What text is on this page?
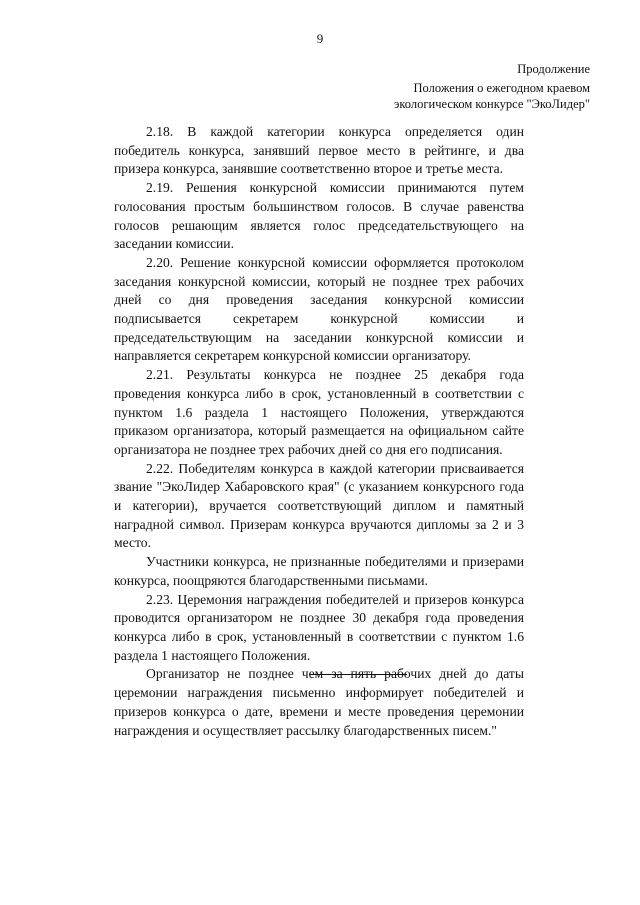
9
Продолжение
Положения о ежегодном краевом
экологическом конкурсе "ЭкоЛидер"

2.18. В каждой категории конкурса определяется один победитель конкурса, занявший первое место в рейтинге, и два призера конкурса, занявшие соответственно второе и третье места.

2.19. Решения конкурсной комиссии принимаются путем голосования простым большинством голосов. В случае равенства голосов решающим является голос председательствующего на заседании комиссии.

2.20. Решение конкурсной комиссии оформляется протоколом заседания конкурсной комиссии, который не позднее трех рабочих дней со дня проведения заседания конкурсной комиссии подписывается секретарем конкурсной комиссии и председательствующим на заседании конкурсной комиссии и направляется секретарем конкурсной комиссии организатору.

2.21. Результаты конкурса не позднее 25 декабря года проведения конкурса либо в срок, установленный в соответствии с пунктом 1.6 раздела 1 настоящего Положения, утверждаются приказом организатора, который размещается на официальном сайте организатора не позднее трех рабочих дней со дня его подписания.

2.22. Победителям конкурса в каждой категории присваивается звание "ЭкоЛидер Хабаровского края" (с указанием конкурсного года и категории), вручается соответствующий диплом и памятный наградной символ. Призерам конкурса вручаются дипломы за 2 и 3 место.

Участники конкурса, не признанные победителями и призерами конкурса, поощряются благодарственными письмами.

2.23. Церемония награждения победителей и призеров конкурса проводится организатором не позднее 30 декабря года проведения конкурса либо в срок, установленный в соответствии с пунктом 1.6 раздела 1 настоящего Положения.

Организатор не позднее чем за пять рабочих дней до даты церемонии награждения письменно информирует победителей и призеров конкурса о дате, времени и месте проведения церемонии награждения и осуществляет рассылку благодарственных писем."
